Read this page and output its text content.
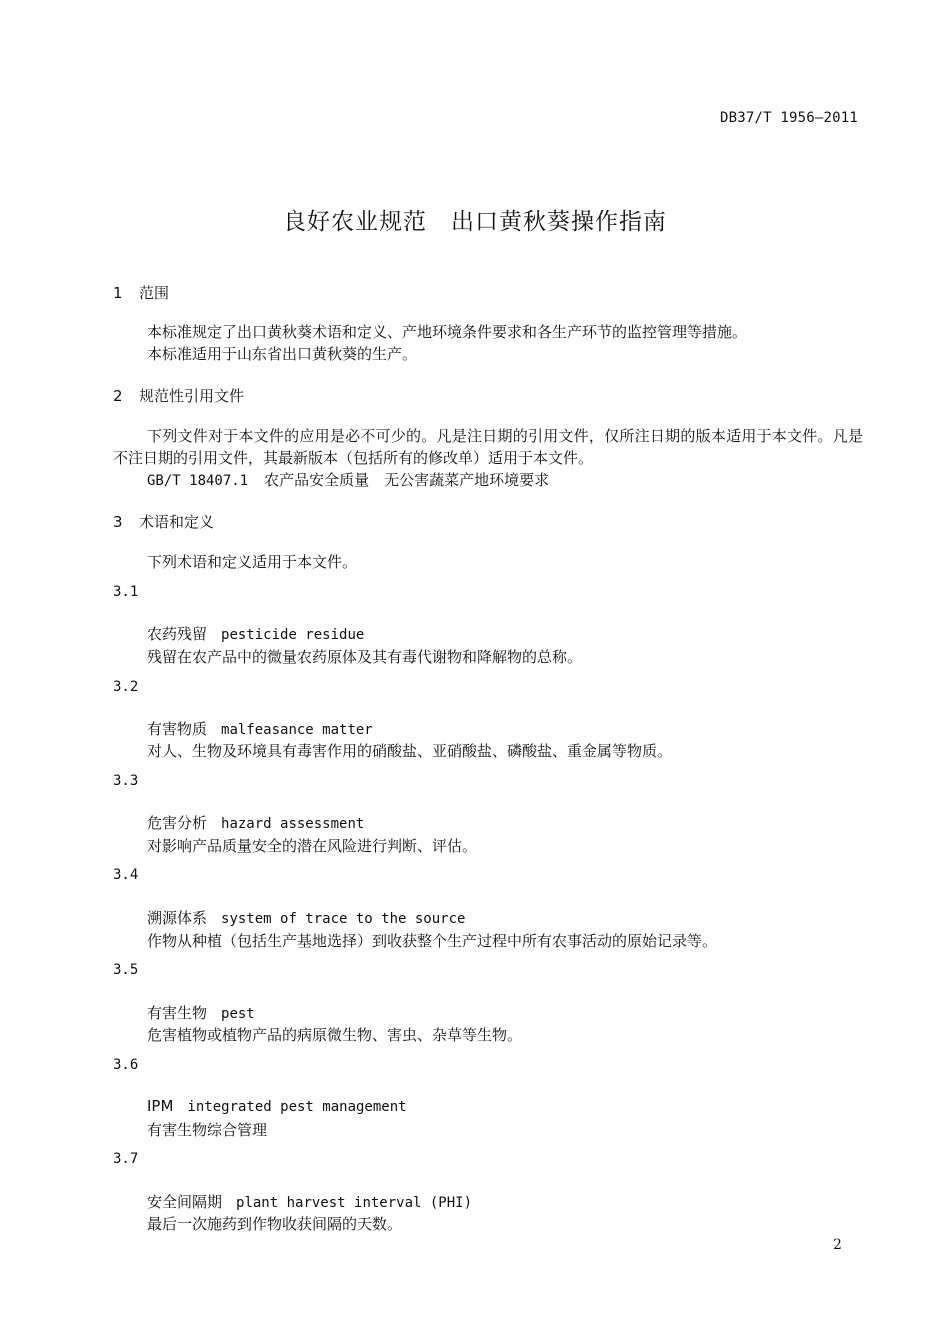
DB37/T 1956—2011
良好农业规范　出口黄秋葵操作指南
1 范围
本标准规定了出口黄秋葵术语和定义、产地环境条件要求和各生产环节的监控管理等措施。
本标准适用于山东省出口黄秋葵的生产。
2 规范性引用文件
下列文件对于本文件的应用是必不可少的。凡是注日期的引用文件，仅所注日期的版本适用于本文件。凡是不注日期的引用文件，其最新版本（包括所有的修改单）适用于本文件。
GB/T 18407.1 农产品安全质量　无公害蔬菜产地环境要求
3 术语和定义
下列术语和定义适用于本文件。
3.1
农药残留 pesticide residue
残留在农产品中的微量农药原体及其有毒代谢物和降解物的总称。
3.2
有害物质 malfeasance matter
对人、生物及环境具有毒害作用的硝酸盐、亚硝酸盐、磷酸盐、重金属等物质。
3.3
危害分析 hazard assessment
对影响产品质量安全的潜在风险进行判断、评估。
3.4
溯源体系 system of trace to the source
作物从种植（包括生产基地选择）到收获整个生产过程中所有农事活动的原始记录等。
3.5
有害生物 pest
危害植物或植物产品的病原微生物、害虫、杂草等生物。
3.6
IPM integrated pest management
有害生物综合管理
3.7
安全间隔期 plant harvest interval (PHI)
最后一次施药到作物收获间隔的天数。
2
